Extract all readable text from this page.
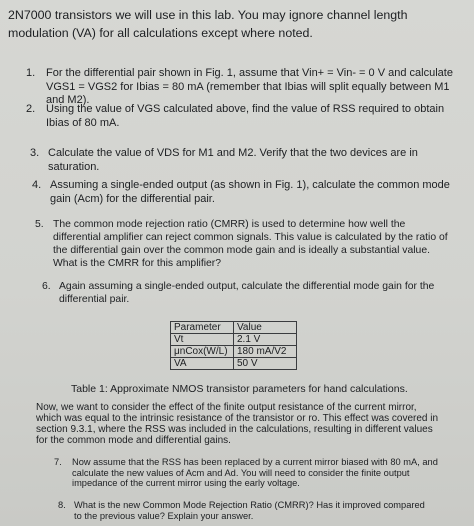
2N7000 transistors we will use in this lab. You may ignore channel length modulation (VA) for all calculations except where noted.
1. For the differential pair shown in Fig. 1, assume that Vin+ = Vin- = 0 V and calculate VGS1 = VGS2 for Ibias = 80 mA (remember that Ibias will split equally between M1 and M2).
2. Using the value of VGS calculated above, find the value of RSS required to obtain Ibias of 80 mA.
3. Calculate the value of VDS for M1 and M2. Verify that the two devices are in saturation.
4. Assuming a single-ended output (as shown in Fig. 1), calculate the common mode gain (Acm) for the differential pair.
5. The common mode rejection ratio (CMRR) is used to determine how well the differential amplifier can reject common signals. This value is calculated by the ratio of the differential gain over the common mode gain and is ideally a substantial value. What is the CMRR for this amplifier?
6. Again assuming a single-ended output, calculate the differential mode gain for the differential pair.
Parameter	Value
Vt	2.1 V
μnCox(W/L)	180 mA/V2
VA	50 V
Table 1: Approximate NMOS transistor parameters for hand calculations.
Now, we want to consider the effect of the finite output resistance of the current mirror, which was equal to the intrinsic resistance of the transistor or ro. This effect was covered in section 9.3.1, where the RSS was included in the calculations, resulting in different values for the common mode and differential gains.
7.	Now assume that the RSS has been replaced by a current mirror biased with 80 mA, and calculate the new values of Acm and Ad. You will need to consider the finite output impedance of the current mirror using the early voltage.
8. What is the new Common Mode Rejection Ratio (CMRR)? Has it improved compared to the previous value? Explain your answer.
